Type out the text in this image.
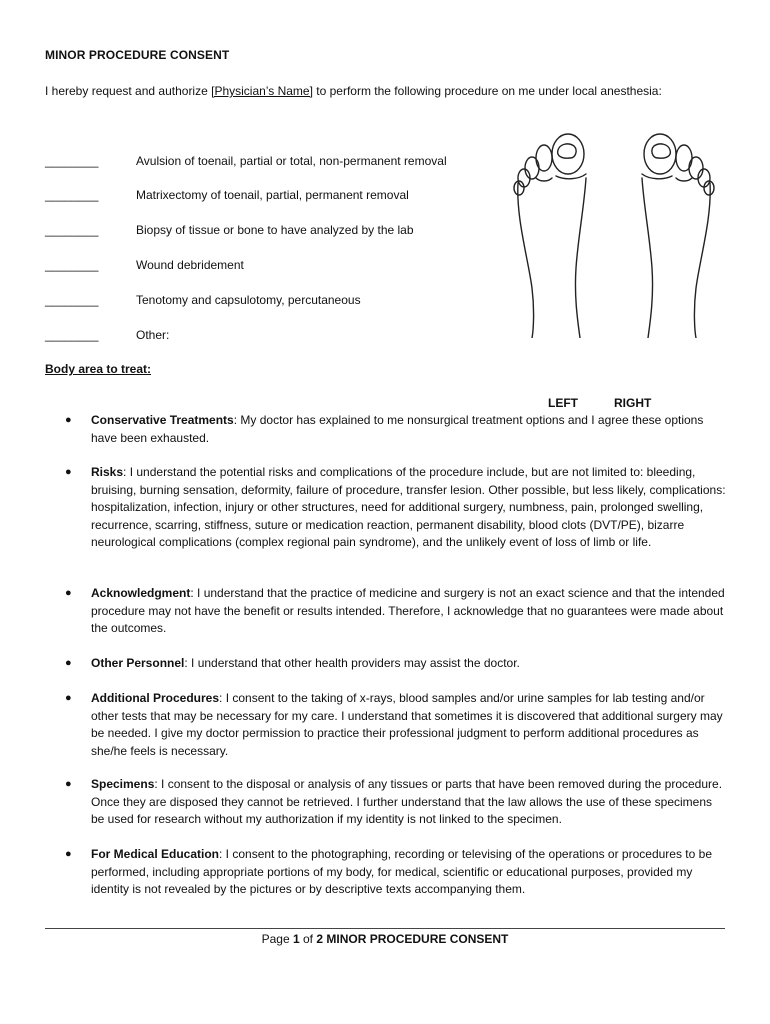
MINOR PROCEDURE CONSENT
I hereby request and authorize [Physician’s Name] to perform the following procedure on me under local anesthesia:
________	Avulsion of toenail, partial or total, non-permanent removal
________	Matrixectomy of toenail, partial, permanent removal
________	Biopsy of tissue or bone to have analyzed by the lab
________	Wound debridement
________	Tenotomy and capsulotomy, percutaneous
________	Other:
Body area to treat:
LEFT	RIGHT
● Conservative Treatments: My doctor has explained to me nonsurgical treatment options and I agree these options have been exhausted.
● Risks: I understand the potential risks and complications of the procedure include, but are not limited to: bleeding, bruising, burning sensation, deformity, failure of procedure, transfer lesion. Other possible, but less likely, complications: hospitalization, infection, injury or other structures, need for additional surgery, numbness, pain, prolonged swelling, recurrence, scarring, stiffness, suture or medication reaction, permanent disability, blood clots (DVT/PE), bizarre neurological complications (complex regional pain syndrome), and the unlikely event of loss of limb or life.
● Acknowledgment: I understand that the practice of medicine and surgery is not an exact science and that the intended procedure may not have the benefit or results intended. Therefore, I acknowledge that no guarantees were made about the outcomes.
● Other Personnel: I understand that other health providers may assist the doctor.
● Additional Procedures: I consent to the taking of x-rays, blood samples and/or urine samples for lab testing and/or other tests that may be necessary for my care. I understand that sometimes it is discovered that additional surgery may be needed. I give my doctor permission to practice their professional judgment to perform additional procedures as she/he feels is necessary.
● Specimens: I consent to the disposal or analysis of any tissues or parts that have been removed during the procedure. Once they are disposed they cannot be retrieved. I further understand that the law allows the use of these specimens be used for research without my authorization if my identity is not linked to the specimen.
● For Medical Education: I consent to the photographing, recording or televising of the operations or procedures to be performed, including appropriate portions of my body, for medical, scientific or educational purposes, provided my identity is not revealed by the pictures or by descriptive texts accompanying them.
Page 1 of 2 MINOR PROCEDURE CONSENT
